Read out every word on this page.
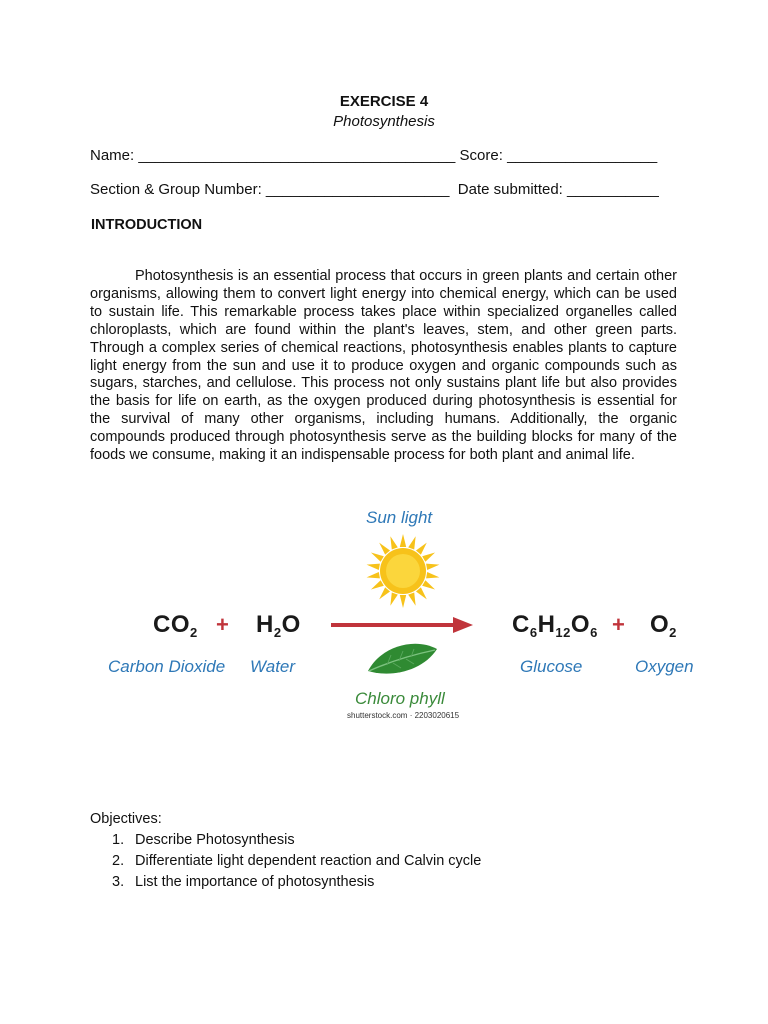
EXERCISE 4
Photosynthesis
Name: ______________________________________ Score: __________________
Section & Group Number: ______________________  Date submitted: ___________
INTRODUCTION

Photosynthesis is an essential process that occurs in green plants and certain other organisms, allowing them to convert light energy into chemical energy, which can be used to sustain life. This remarkable process takes place within specialized organelles called chloroplasts, which are found within the plant's leaves, stem, and other green parts. Through a complex series of chemical reactions, photosynthesis enables plants to capture light energy from the sun and use it to produce oxygen and organic compounds such as sugars, starches, and cellulose. This process not only sustains plant life but also provides the basis for life on earth, as the oxygen produced during photosynthesis is essential for the survival of many other organisms, including humans. Additionally, the organic compounds produced through photosynthesis serve as the building blocks for many of the foods we consume, making it an indispensable process for both plant and animal life.

Sun light
$CO_2 + H_2O$	$C_6H_{12}O_6 + O_2$
Carbon Dioxide Water	Glucose	Oxygen
Chloro phyll
shutterstock.com · 2203020615
Objectives:
1. Describe Photosynthesis
2. Differentiate light dependent reaction and Calvin cycle
3. List the importance of photosynthesis
